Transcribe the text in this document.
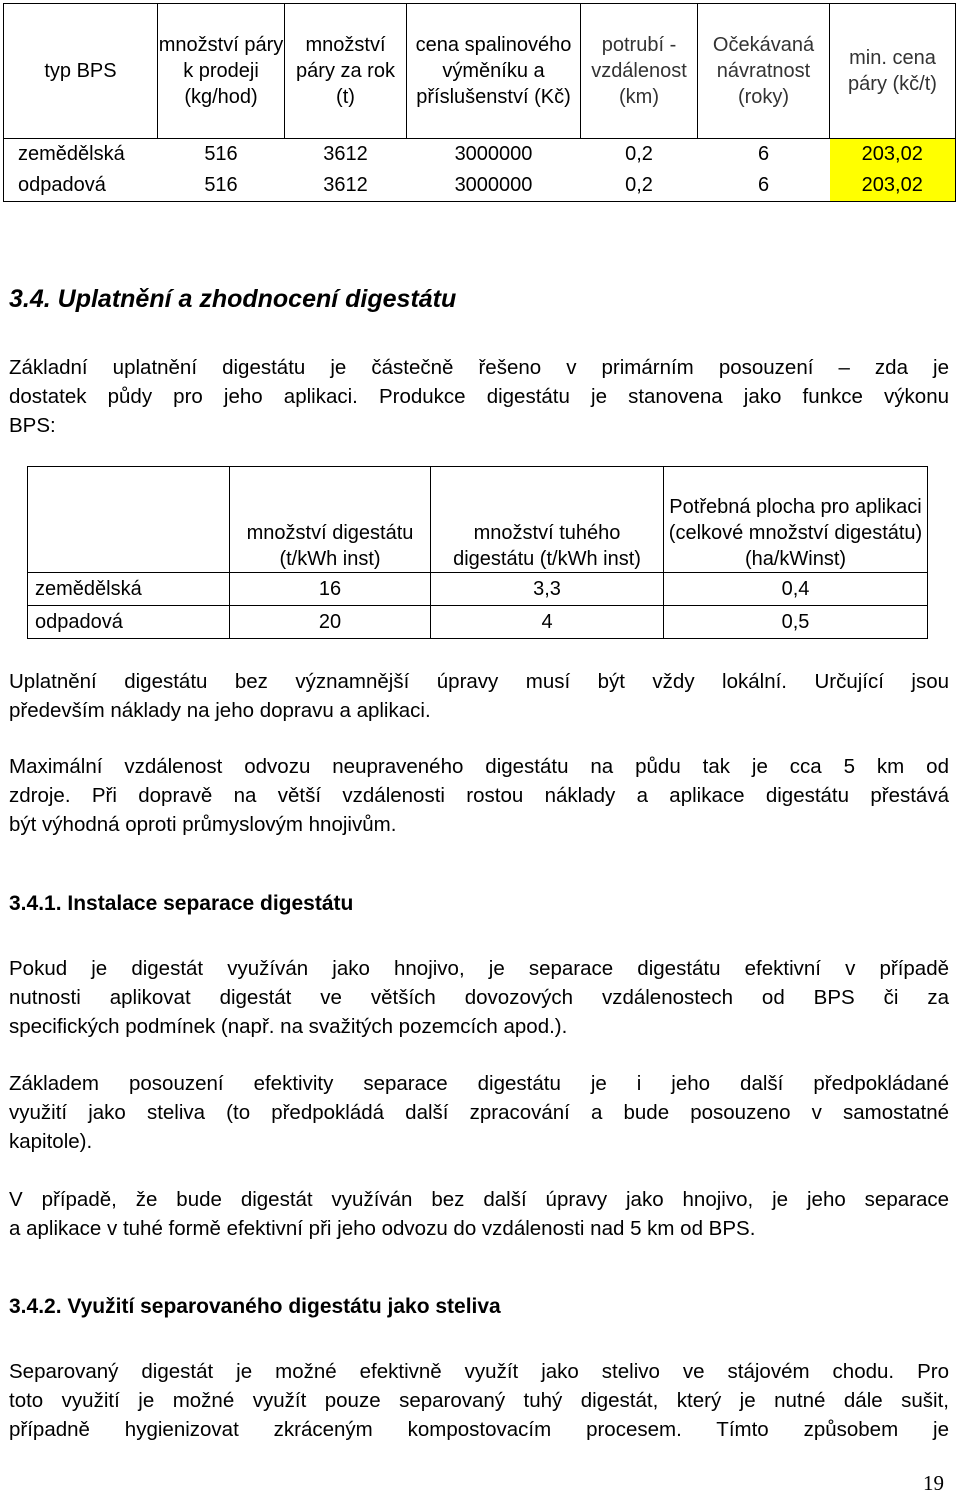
typ BPS	množství páry k prodeji (kg/hod)	množství páry za rok (t)	cena spalinového výměníku a příslušenství (Kč)	potrubí - vzdálenost (km)	Očekávaná návratnost (roky)	min. cena páry (kč/t)
zemědělská	516	3612	3000000	0,2	6	203,02
odpadová	516	3612	3000000	0,2	6	203,02
3.4. Uplatnění a zhodnocení digestátu
Základní uplatnění digestátu je částečně řešeno v primárním posouzení – zda je
dostatek půdy pro jeho aplikaci. Produkce digestátu je stanovena jako funkce výkonu
BPS:
	množství digestátu (t/kWh inst)	množství tuhého digestátu (t/kWh inst)	Potřebná plocha pro aplikaci (celkové množství digestátu) (ha/kWinst)
zemědělská	16	3,3	0,4
odpadová	20	4	0,5
Uplatnění digestátu bez významnější úpravy musí být vždy lokální. Určující jsou
především náklady na jeho dopravu a aplikaci.
Maximální vzdálenost odvozu neupraveného digestátu na půdu tak je cca 5 km od
zdroje. Při dopravě na větší vzdálenosti rostou náklady a aplikace digestátu přestává
být výhodná oproti průmyslovým hnojivům.
3.4.1. Instalace separace digestátu
Pokud je digestát využíván jako hnojivo, je separace digestátu efektivní v případě
nutnosti aplikovat digestát ve větších dovozových vzdálenostech od BPS či za
specifických podmínek (např. na svažitých pozemcích apod.).
Základem posouzení efektivity separace digestátu je i jeho další předpokládané
využití jako steliva (to předpokládá další zpracování a bude posouzeno v samostatné
kapitole).
V případě, že bude digestát využíván bez další úpravy jako hnojivo, je jeho separace
a aplikace v tuhé formě efektivní při jeho odvozu do vzdálenosti nad 5 km od BPS.
3.4.2. Využití separovaného digestátu jako steliva
Separovaný digestát je možné efektivně využít jako stelivo ve stájovém chodu. Pro
toto využití je možné využít pouze separovaný tuhý digestát, který je nutné dále sušit,
případně hygienizovat zkráceným kompostovacím procesem. Tímto způsobem je
19
